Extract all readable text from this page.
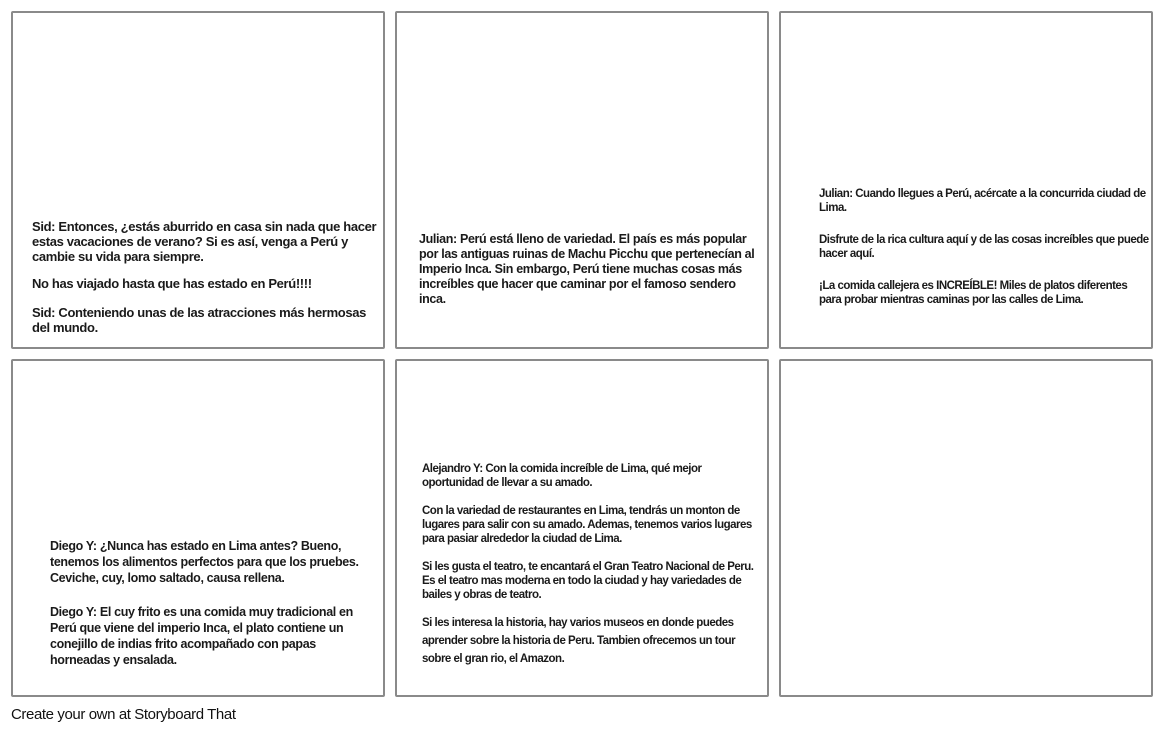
Sid: Entonces, ¿estás aburrido en casa sin nada que hacer estas vacaciones de verano? Si es así, venga a Perú y cambie su vida para siempre.

No has viajado hasta que has estado en Perú!!!!

Sid: Conteniendo unas de las atracciones más hermosas del mundo.

Julian: Perú está lleno de variedad. El país es más popular por las antiguas ruinas de Machu Picchu que pertenecían al Imperio Inca. Sin embargo, Perú tiene muchas cosas más increíbles que hacer que caminar por el famoso sendero inca.

Julian: Cuando llegues a Perú, acércate a la concurrida ciudad de Lima.

Disfrute de la rica cultura aquí y de las cosas increíbles que puede hacer aquí.

¡La comida callejera es INCREÍBLE! Miles de platos diferentes para probar mientras caminas por las calles de Lima.

Diego Y: ¿Nunca has estado en Lima antes? Bueno, tenemos los alimentos perfectos para que los pruebes. Ceviche, cuy, lomo saltado, causa rellena.

Diego Y: El cuy frito es una comida muy tradicional en Perú que viene del imperio Inca, el plato contiene un conejillo de indias frito acompañado con papas horneadas y ensalada.

Alejandro Y: Con la comida increíble de Lima, qué mejor oportunidad de llevar a su amado.

Con la variedad de restaurantes en Lima, tendrás un monton de lugares para salir con su amado. Ademas, tenemos varios lugares para pasiar alrededor la ciudad de Lima.

Si les gusta el teatro, te encantará el Gran Teatro Nacional de Peru. Es el teatro mas moderna en todo la ciudad y hay variedades de bailes y obras de teatro.

Si les interesa la historia, hay varios museos en donde puedes aprender sobre la historia de Peru. Tambien ofrecemos un tour sobre el gran rio, el Amazon.

Create your own at Storyboard That
